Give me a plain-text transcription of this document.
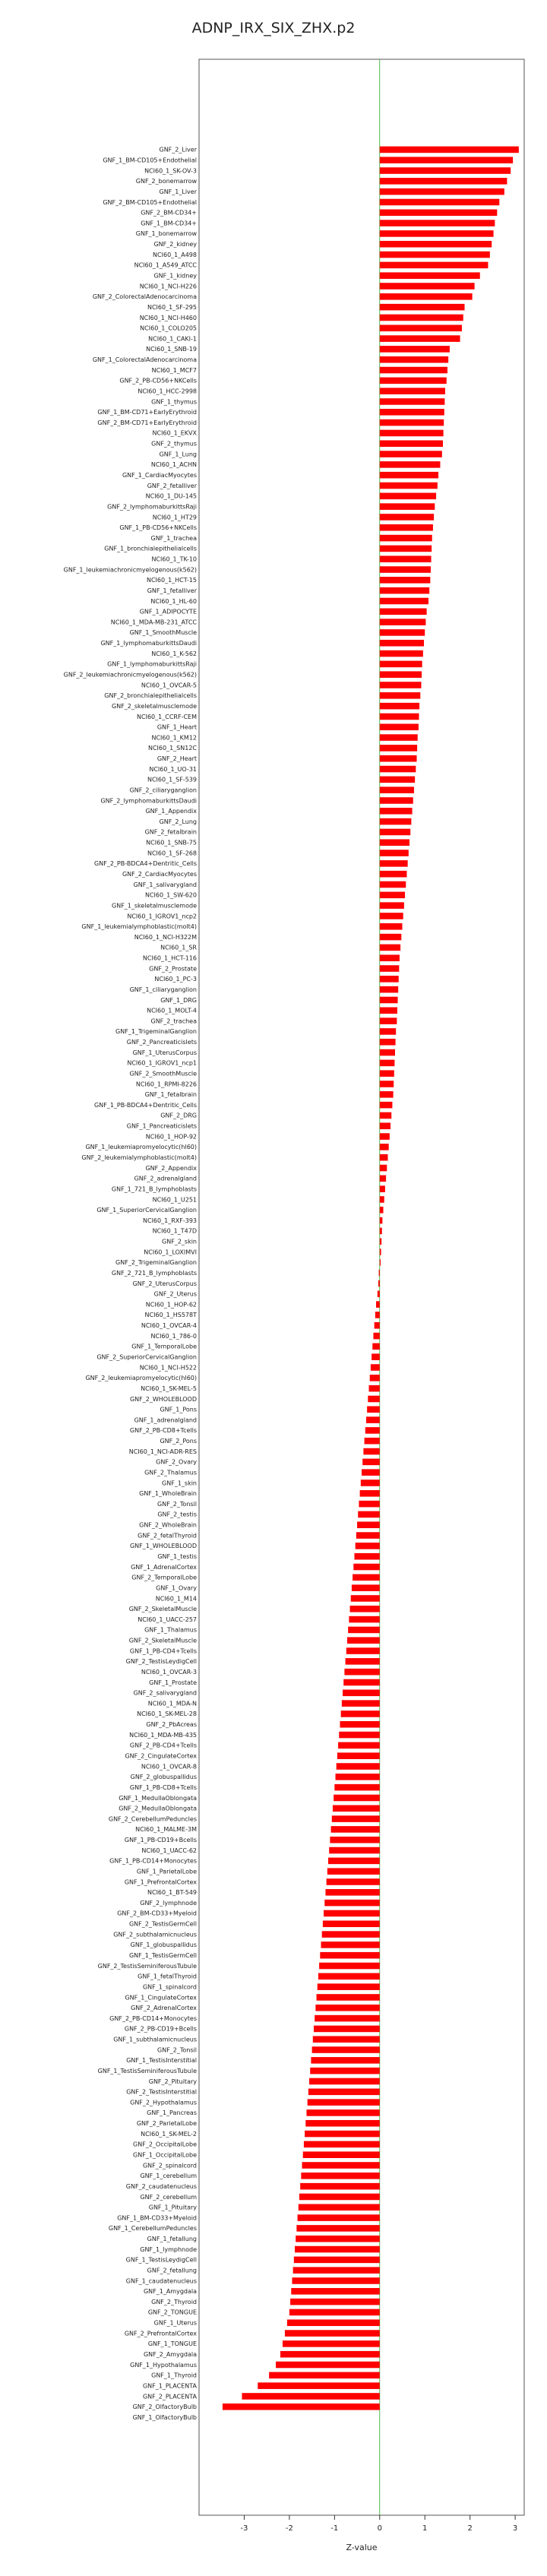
ADNP_IRX_SIX_ZHX.p2
GNF_2_Liver
GNF_1_BM-CD105+Endothelial
NCI60_1_SK-OV-3
GNF_2_bonemarrow
GNF_1_Liver
GNF_2_BM-CD105+Endothelial
GNF_2_BM-CD34+
GNF_1_BM-CD34+
GNF_1_bonemarrow
GNF_2_kidney
NCI60_1_A498
NCI60_1_A549_ATCC
GNF_1_kidney
NCI60_1_NCI-H226
GNF_2_ColorectalAdenocarcinoma
NCI60_1_SF-295
NCI60_1_NCI-H460
NCI60_1_COLO205
NCI60_1_CAKI-1
NCI60_1_SNB-19
GNF_1_ColorectalAdenocarcinoma
NCI60_1_MCF7
GNF_2_PB-CD56+NKCells
NCI60_1_HCC-2998
GNF_1_thymus
GNF_1_BM-CD71+EarlyErythroid
GNF_2_BM-CD71+EarlyErythroid
NCI60_1_EKVX
GNF_2_thymus
GNF_1_Lung
NCI60_1_ACHN
GNF_1_CardiacMyocytes
GNF_2_fetalliver
NCI60_1_DU-145
GNF_2_lymphomaburkittsRaji
NCI60_1_HT29
GNF_1_PB-CD56+NKCells
GNF_1_trachea
GNF_1_bronchialepithelialcells
NCI60_1_TK-10
GNF_1_leukemiachronicmyelogenous(k562)
NCI60_1_HCT-15
GNF_1_fetalliver
NCI60_1_HL-60
GNF_1_ADIPOCYTE
NCI60_1_MDA-MB-231_ATCC
GNF_1_SmoothMuscle
GNF_1_lymphomaburkittsDaudi
NCI60_1_K-562
GNF_1_lymphomaburkittsRaji
GNF_2_leukemiachronicmyelogenous(k562)
NCI60_1_OVCAR-5
GNF_2_bronchialepithelialcells
GNF_2_skeletalmusclemode
NCI60_1_CCRF-CEM
GNF_1_Heart
NCI60_1_KM12
NCI60_1_SN12C
GNF_2_Heart
NCI60_1_UO-31
NCI60_1_SF-539
GNF_2_ciliaryganglion
GNF_2_lymphomaburkittsDaudi
GNF_1_Appendix
GNF_2_Lung
GNF_2_fetalbrain
NCI60_1_SNB-75
NCI60_1_SF-268
GNF_2_PB-BDCA4+Dentritic_Cells
GNF_2_CardiacMyocytes
GNF_1_salivarygland
NCI60_1_SW-620
GNF_1_skeletalmusclemode
NCI60_1_IGROV1_ncp2
GNF_1_leukemialymphoblastic(molt4)
NCI60_1_NCI-H322M
NCI60_1_SR
NCI60_1_HCT-116
GNF_2_Prostate
NCI60_1_PC-3
GNF_1_ciliaryganglion
GNF_1_DRG
NCI60_1_MOLT-4
GNF_2_trachea
GNF_1_TrigeminalGanglion
GNF_2_Pancreaticislets
GNF_1_UterusCorpus
NCI60_1_IGROV1_ncp1
GNF_2_SmoothMuscle
NCI60_1_RPMI-8226
GNF_1_fetalbrain
GNF_1_PB-BDCA4+Dentritic_Cells
GNF_2_DRG
GNF_1_Pancreaticislets
NCI60_1_HOP-92
GNF_1_leukemiapromyelocytic(hl60)
GNF_2_leukemialymphoblastic(molt4)
GNF_2_Appendix
GNF_2_adrenalgland
GNF_1_721_B_lymphoblasts
NCI60_1_U251
GNF_1_SuperiorCervicalGanglion
NCI60_1_RXF-393
NCI60_1_T47D
GNF_2_skin
NCI60_1_LOXIMVI
GNF_2_TrigeminalGanglion
GNF_2_721_B_lymphoblasts
GNF_2_UterusCorpus
GNF_2_Uterus
NCI60_1_HOP-62
NCI60_1_HS578T
NCI60_1_OVCAR-4
NCI60_1_786-0
GNF_1_TemporalLobe
GNF_2_SuperiorCervicalGanglion
NCI60_1_NCI-H522
GNF_2_leukemiapromyelocytic(hl60)
NCI60_1_SK-MEL-5
GNF_2_WHOLEBLOOD
GNF_1_Pons
GNF_1_adrenalgland
GNF_2_PB-CD8+Tcells
GNF_2_Pons
NCI60_1_NCI-ADR-RES
GNF_2_Ovary
GNF_2_Thalamus
GNF_1_skin
GNF_1_WholeBrain
GNF_2_Tonsil
GNF_2_testis
GNF_2_WholeBrain
GNF_2_fetalThyroid
GNF_1_WHOLEBLOOD
GNF_1_testis
GNF_1_AdrenalCortex
GNF_2_TemporalLobe
GNF_1_Ovary
NCI60_1_M14
GNF_2_SkeletalMuscle
NCI60_1_UACC-257
GNF_1_Thalamus
GNF_2_SkeletalMuscle
GNF_1_PB-CD4+Tcells
GNF_2_TestisLeydigCell
NCI60_1_OVCAR-3
GNF_1_Prostate
GNF_2_salivarygland
NCI60_1_MDA-N
NCI60_1_SK-MEL-28
GNF_2_PbAcreas
NCI60_1_MDA-MB-435
GNF_2_PB-CD4+Tcells
GNF_2_CingulateCortex
NCI60_1_OVCAR-8
GNF_2_globuspallidus
GNF_1_PB-CD8+Tcells
GNF_1_MedullaOblongata
GNF_2_MedullaOblongata
GNF_2_CerebellumPeduncles
NCI60_1_MALME-3M
GNF_1_PB-CD19+Bcells
NCI60_1_UACC-62
GNF_1_PB-CD14+Monocytes
GNF_1_ParietalLobe
GNF_1_PrefrontalCortex
NCI60_1_BT-549
GNF_2_lymphnode
GNF_2_BM-CD33+Myeloid
GNF_2_TestisGermCell
GNF_2_subthalamicnucleus
GNF_1_globuspallidus
GNF_1_TestisGermCell
GNF_2_TestisSeminiferousTubule
GNF_1_fetalThyroid
GNF_1_spinalcord
GNF_1_CingulateCortex
GNF_2_AdrenalCortex
GNF_2_PB-CD14+Monocytes
GNF_2_PB-CD19+Bcells
GNF_1_subthalamicnucleus
GNF_2_Tonsil
GNF_1_TestisInterstitial
GNF_1_TestisSeminiferousTubule
GNF_2_Pituitary
GNF_2_TestisInterstitial
GNF_2_Hypothalamus
GNF_1_Pancreas
GNF_2_ParietalLobe
NCI60_1_SK-MEL-2
GNF_2_OccipitalLobe
GNF_1_OccipitalLobe
GNF_2_spinalcord
GNF_1_cerebellum
GNF_2_caudatenucleus
GNF_2_cerebellum
GNF_1_Pituitary
GNF_1_BM-CD33+Myeloid
GNF_1_CerebellumPeduncles
GNF_1_fetallung
GNF_1_lymphnode
GNF_1_TestisLeydigCell
GNF_2_fetallung
GNF_1_caudatenucleus
GNF_1_Amygdala
GNF_2_Thyroid
GNF_2_TONGUE
GNF_1_Uterus
GNF_2_PrefrontalCortex
GNF_1_TONGUE
GNF_2_Amygdala
GNF_1_Hypothalamus
GNF_1_Thyroid
GNF_1_PLACENTA
GNF_2_PLACENTA
GNF_2_OlfactoryBulb
GNF_1_OlfactoryBulb
-3	-2	-1	0	1	2	3
Z-value
